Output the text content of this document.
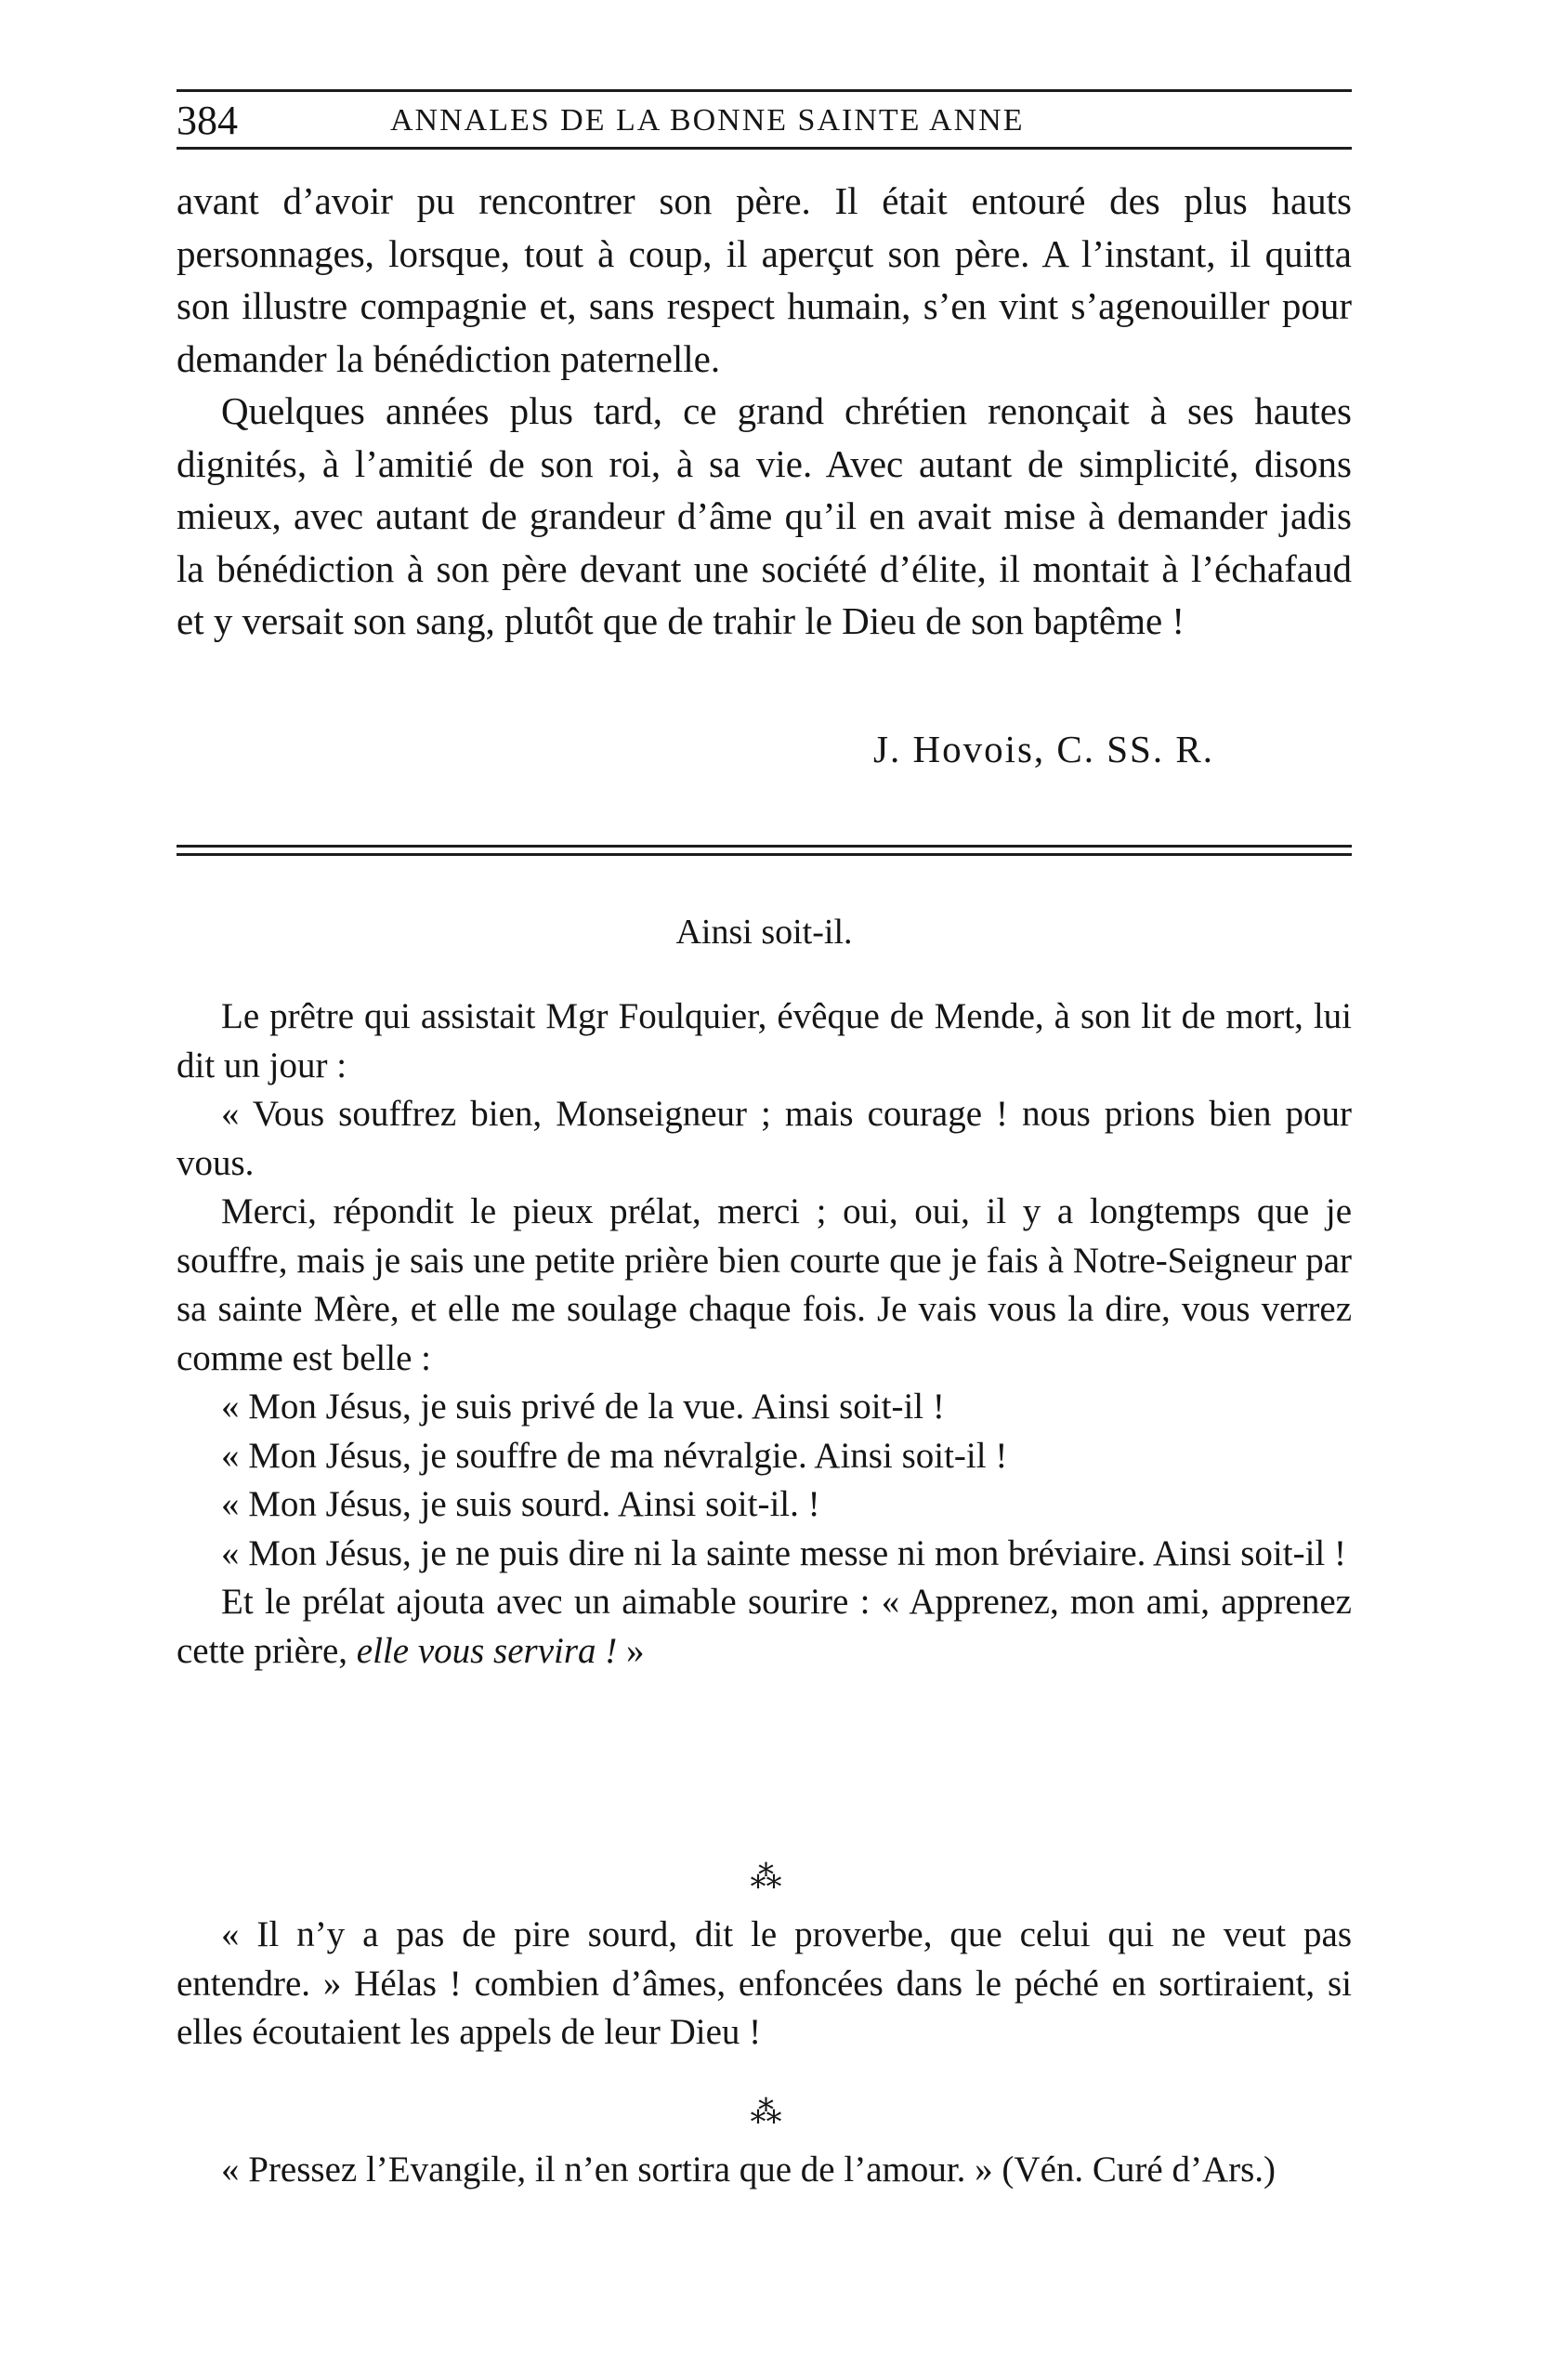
384	ANNALES DE LA BONNE SAINTE ANNE

avant d’avoir pu rencontrer son père. Il était entouré des plus hauts personnages, lorsque, tout à coup, il aperçut son père. A l’instant, il quitta son illustre compagnie et, sans respect humain, s’en vint s’agenouiller pour demander la bénédiction paternelle.

Quelques années plus tard, ce grand chrétien renonçait à ses hautes dignités, à l’amitié de son roi, à sa vie. Avec autant de simplicité, disons mieux, avec autant de grandeur d’âme qu’il en avait mise à demander jadis la bénédiction à son père devant une société d’élite, il montait à l’échafaud et y versait son sang, plutôt que de trahir le Dieu de son baptême !

J. Hovois, C. SS. R.
Ainsi soit-il.

Le prêtre qui assistait Mgr Foulquier, évêque de Mende, à son lit de mort, lui dit un jour :

« Vous souffrez bien, Monseigneur ; mais courage ! nous prions bien pour vous.

Merci, répondit le pieux prélat, merci ; oui, oui, il y a longtemps que je souffre, mais je sais une petite prière bien courte que je fais à Notre-Seigneur par sa sainte Mère, et elle me soulage chaque fois. Je vais vous la dire, vous verrez comme est belle :

« Mon Jésus, je suis privé de la vue. Ainsi soit-il !

« Mon Jésus, je souffre de ma névralgie. Ainsi soit-il !

« Mon Jésus, je suis sourd. Ainsi soit-il. !

« Mon Jésus, je ne puis dire ni la sainte messe ni mon bréviaire. Ainsi soit-il !

Et le prélat ajouta avec un aimable sourire : « Apprenez, mon ami, apprenez cette prière, elle vous servira ! »

⁂

« Il n’y a pas de pire sourd, dit le proverbe, que celui qui ne veut pas entendre. » Hélas ! combien d’âmes, enfoncées dans le péché en sortiraient, si elles écoutaient les appels de leur Dieu !

⁂

« Pressez l’Evangile, il n’en sortira que de l’amour. » (Vén. Curé d’Ars.)
